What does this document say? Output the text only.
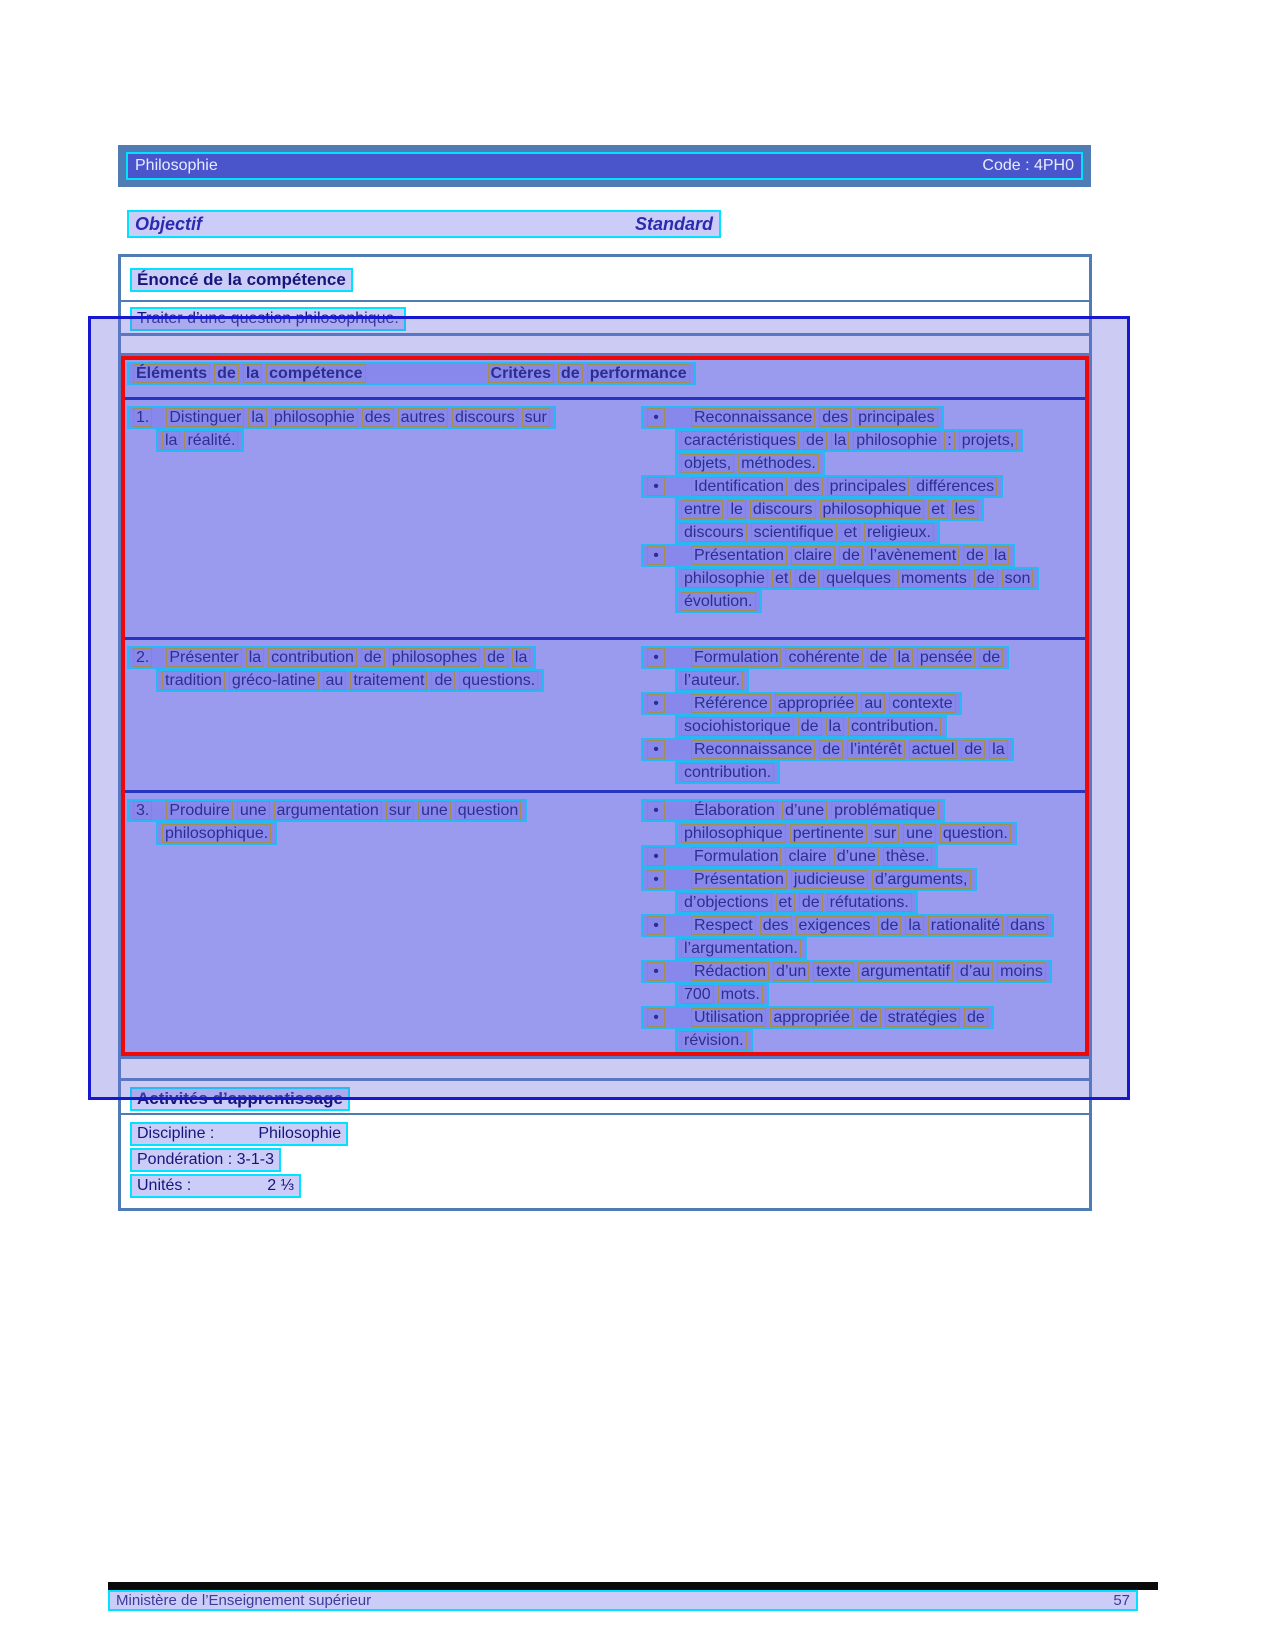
Philosophie	Code : 4PH0
Objectif	Standard
Énoncé de la compétence
Traiter d’une question philosophique.
Éléments de la compétence	Critères de performance
1. Distinguer la philosophie des autres discours sur
la réalité.
• Reconnaissance des principales
caractéristiques de la philosophie : projets,
objets, méthodes.
• Identification des principales différences
entre le discours philosophique et les
discours scientifique et religieux.
• Présentation claire de l’avènement de la
philosophie et de quelques moments de son
évolution.
2. Présenter la contribution de philosophes de la
tradition gréco-latine au traitement de questions.
• Formulation cohérente de la pensée de
l’auteur.
• Référence appropriée au contexte
sociohistorique de la contribution.
• Reconnaissance de l’intérêt actuel de la
contribution.
3. Produire une argumentation sur une question
philosophique.
• Élaboration d’une problématique
philosophique pertinente sur une question.
• Formulation claire d’une thèse.
• Présentation judicieuse d’arguments,
d’objections et de réfutations.
• Respect des exigences de la rationalité dans
l’argumentation.
• Rédaction d’un texte argumentatif d’au moins
700 mots.
• Utilisation appropriée de stratégies de
révision.
Activités d’apprentissage
Discipline :	Philosophie
Pondération : 3-1-3
Unités :	2 ⅓
Ministère de l’Enseignement supérieur	57
